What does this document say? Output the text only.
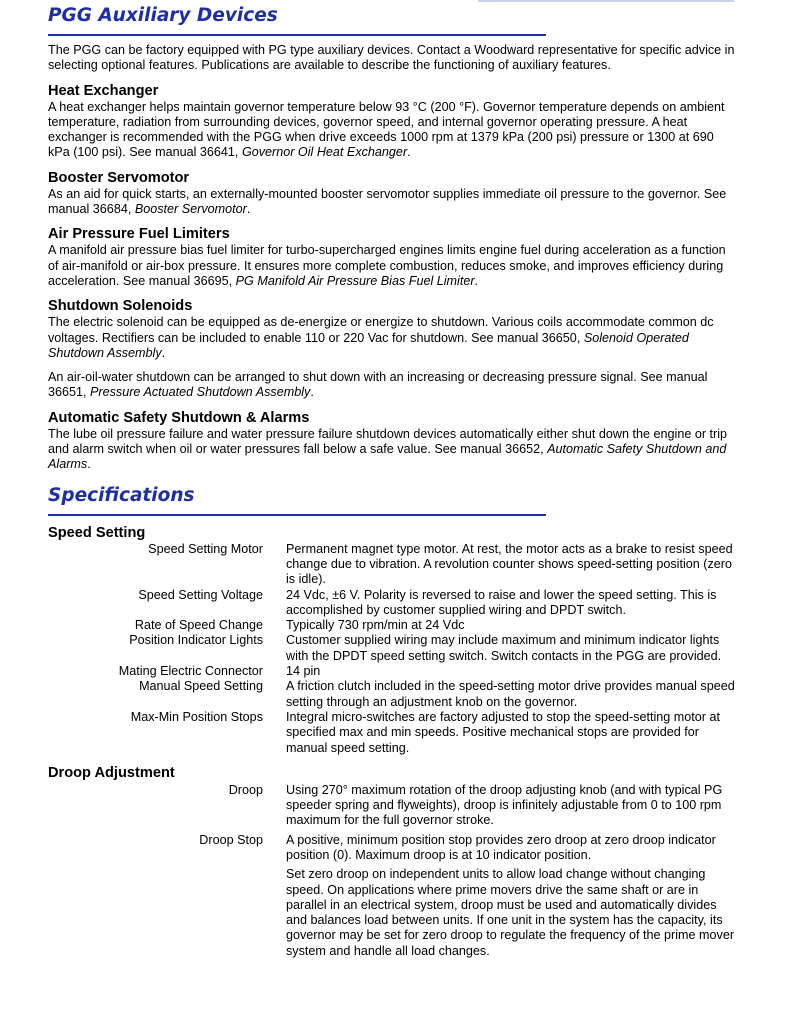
PGG Auxiliary Devices

The PGG can be factory equipped with PG type auxiliary devices. Contact a Woodward representative for specific advice in selecting optional features. Publications are available to describe the functioning of auxiliary features.

Heat Exchanger

A heat exchanger helps maintain governor temperature below 93 °C (200 °F). Governor temperature depends on ambient temperature, radiation from surrounding devices, governor speed, and internal governor operating pressure. A heat exchanger is recommended with the PGG when drive exceeds 1000 rpm at 1379 kPa (200 psi) pressure or 1300 at 690 kPa (100 psi). See manual 36641, Governor Oil Heat Exchanger.

Booster Servomotor

As an aid for quick starts, an externally-mounted booster servomotor supplies immediate oil pressure to the governor. See manual 36684, Booster Servomotor.

Air Pressure Fuel Limiters

A manifold air pressure bias fuel limiter for turbo-supercharged engines limits engine fuel during acceleration as a function of air-manifold or air-box pressure. It ensures more complete combustion, reduces smoke, and improves efficiency during acceleration. See manual 36695, PG Manifold Air Pressure Bias Fuel Limiter.

Shutdown Solenoids

The electric solenoid can be equipped as de-energize or energize to shutdown. Various coils accommodate common dc voltages. Rectifiers can be included to enable 110 or 220 Vac for shutdown. See manual 36650, Solenoid Operated Shutdown Assembly.

An air-oil-water shutdown can be arranged to shut down with an increasing or decreasing pressure signal. See manual 36651, Pressure Actuated Shutdown Assembly.

Automatic Safety Shutdown & Alarms

The lube oil pressure failure and water pressure failure shutdown devices automatically either shut down the engine or trip and alarm switch when oil or water pressures fall below a safe value. See manual 36652, Automatic Safety Shutdown and Alarms.

Specifications
Speed Setting
Speed Setting Motor Permanent magnet type motor. At rest, the motor acts as a brake to resist speed change due to vibration. A revolution counter shows speed-setting position (zero is idle).
Speed Setting Voltage 24 Vdc, ±6 V. Polarity is reversed to raise and lower the speed setting. This is accomplished by customer supplied wiring and DPDT switch.
Rate of Speed Change Typically 730 rpm/min at 24 Vdc
Position Indicator Lights Customer supplied wiring may include maximum and minimum indicator lights with the DPDT speed setting switch. Switch contacts in the PGG are provided.
Mating Electric Connector 14 pin
Manual Speed Setting A friction clutch included in the speed-setting motor drive provides manual speed setting through an adjustment knob on the governor.
Max-Min Position Stops Integral micro-switches are factory adjusted to stop the speed-setting motor at specified max and min speeds. Positive mechanical stops are provided for manual speed setting.
Droop Adjustment
Droop Using 270° maximum rotation of the droop adjusting knob (and with typical PG speeder spring and flyweights), droop is infinitely adjustable from 0 to 100 rpm maximum for the full governor stroke.
Droop Stop A positive, minimum position stop provides zero droop at zero droop indicator position (0). Maximum droop is at 10 indicator position.
Set zero droop on independent units to allow load change without changing speed. On applications where prime movers drive the same shaft or are in parallel in an electrical system, droop must be used and automatically divides and balances load between units. If one unit in the system has the capacity, its governor may be set for zero droop to regulate the frequency of the prime mover system and handle all load changes.
